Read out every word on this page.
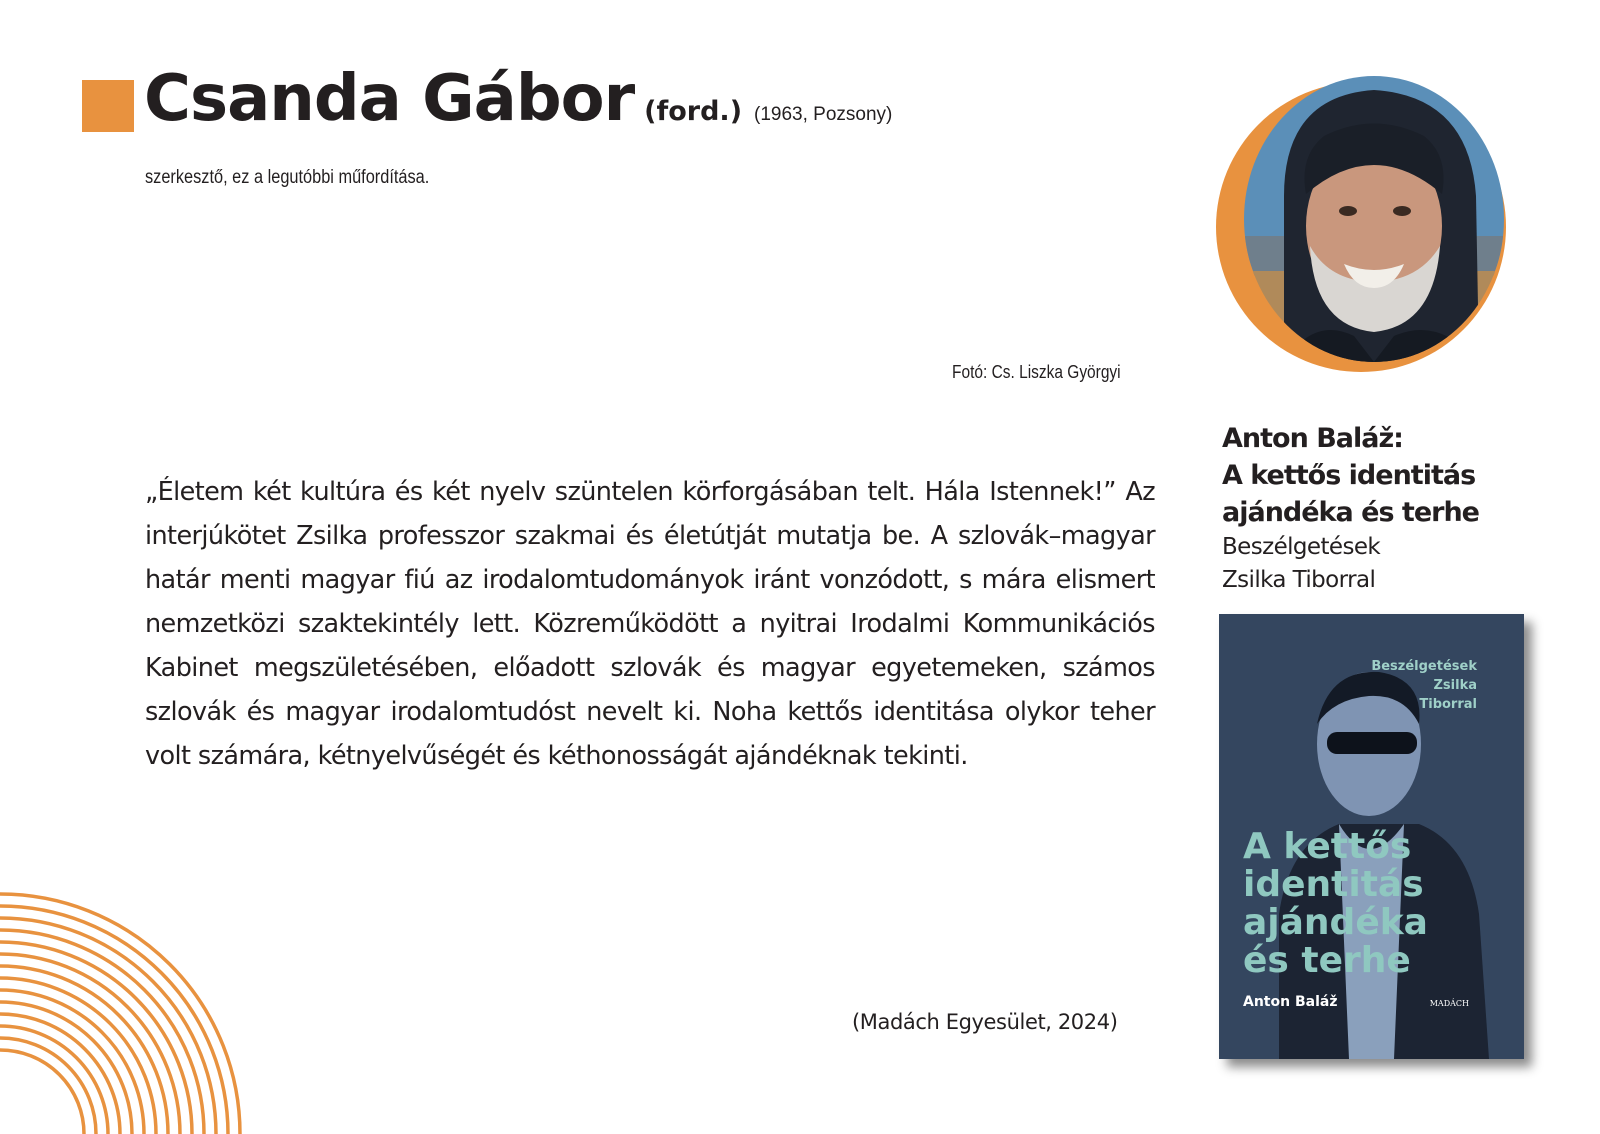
Csanda Gábor (ford.) (1963, Pozsony)
szerkesztő, ez a legutóbbi műfordítása.
Fotó: Cs. Liszka Györgyi

„Életem két kultúra és két nyelv szüntelen körforgásában telt. Hála Istennek!” Az interjúkötet Zsilka professzor szakmai és életútját mutatja be. A szlovák–magyar határ menti magyar fiú az irodalomtudományok iránt vonzódott, s mára elismert nemzetközi szaktekintély lett. Közreműködött a nyitrai Irodalmi Kommunikációs Kabinet megszületésében, előadott szlovák és magyar egyetemeken, számos szlovák és magyar irodalomtudóst nevelt ki. Noha kettős identitása olykor teher volt számára, kétnyelvűségét és kéthonosságát ajándéknak tekinti.

(Madách Egyesület, 2024)
Anton Baláž:
A kettős identitás
ajándéka és terhe
Beszélgetések
Zsilka Tiborral
Beszélgetések
Zsilka
Tiborral
A kettős
identitás
ajándéka
és terhe
Anton Baláž	MADÁCH
